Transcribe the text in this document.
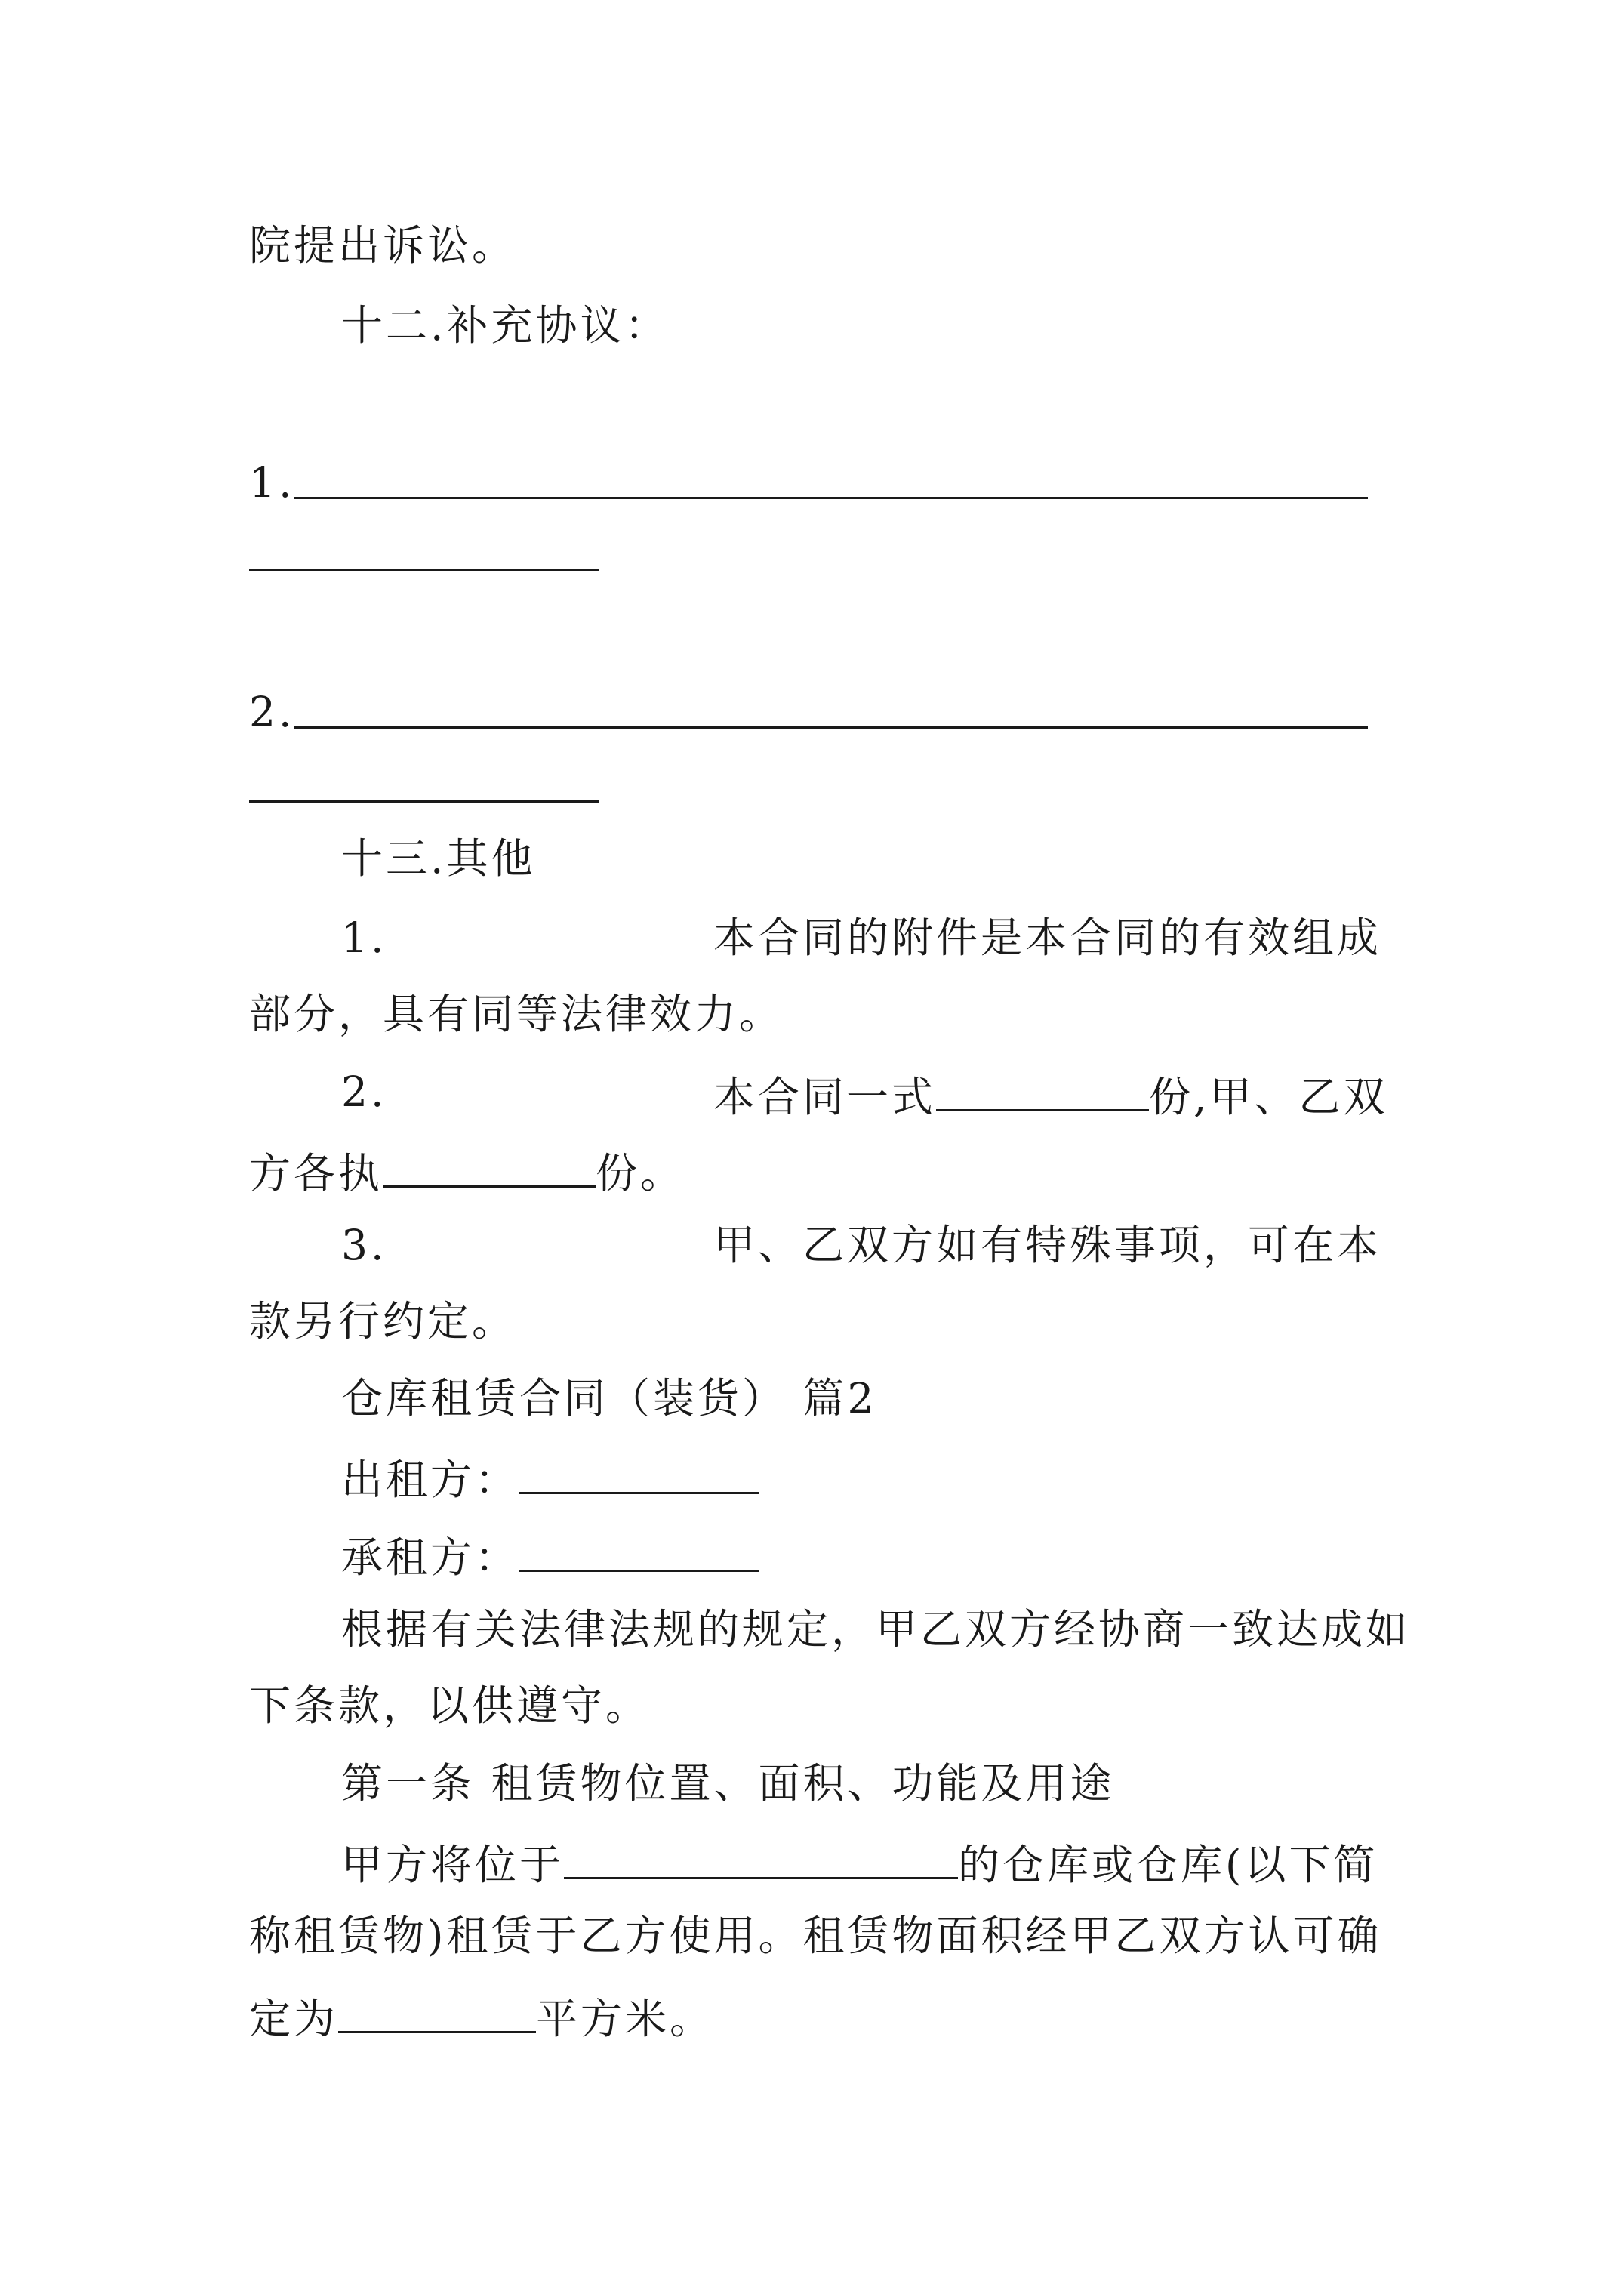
院提出诉讼。
十二.补充协议：
1.
2.
十三.其他
1.	本合同的附件是本合同的有效组成
部分，具有同等法律效力。
2.	本合同一式	份,甲、乙双
方各执	份。
3.	甲、乙双方如有特殊事项，可在本
款另行约定。
仓库租赁合同（装货） 篇2
出租方：
承租方：
根据有关法律法规的规定，甲乙双方经协商一致达成如
下条款，以供遵守。
第一条 租赁物位置、面积、功能及用途
甲方将位于	的仓库或仓库(以下简
称租赁物)租赁于乙方使用。租赁物面积经甲乙双方认可确
定为	平方米。
